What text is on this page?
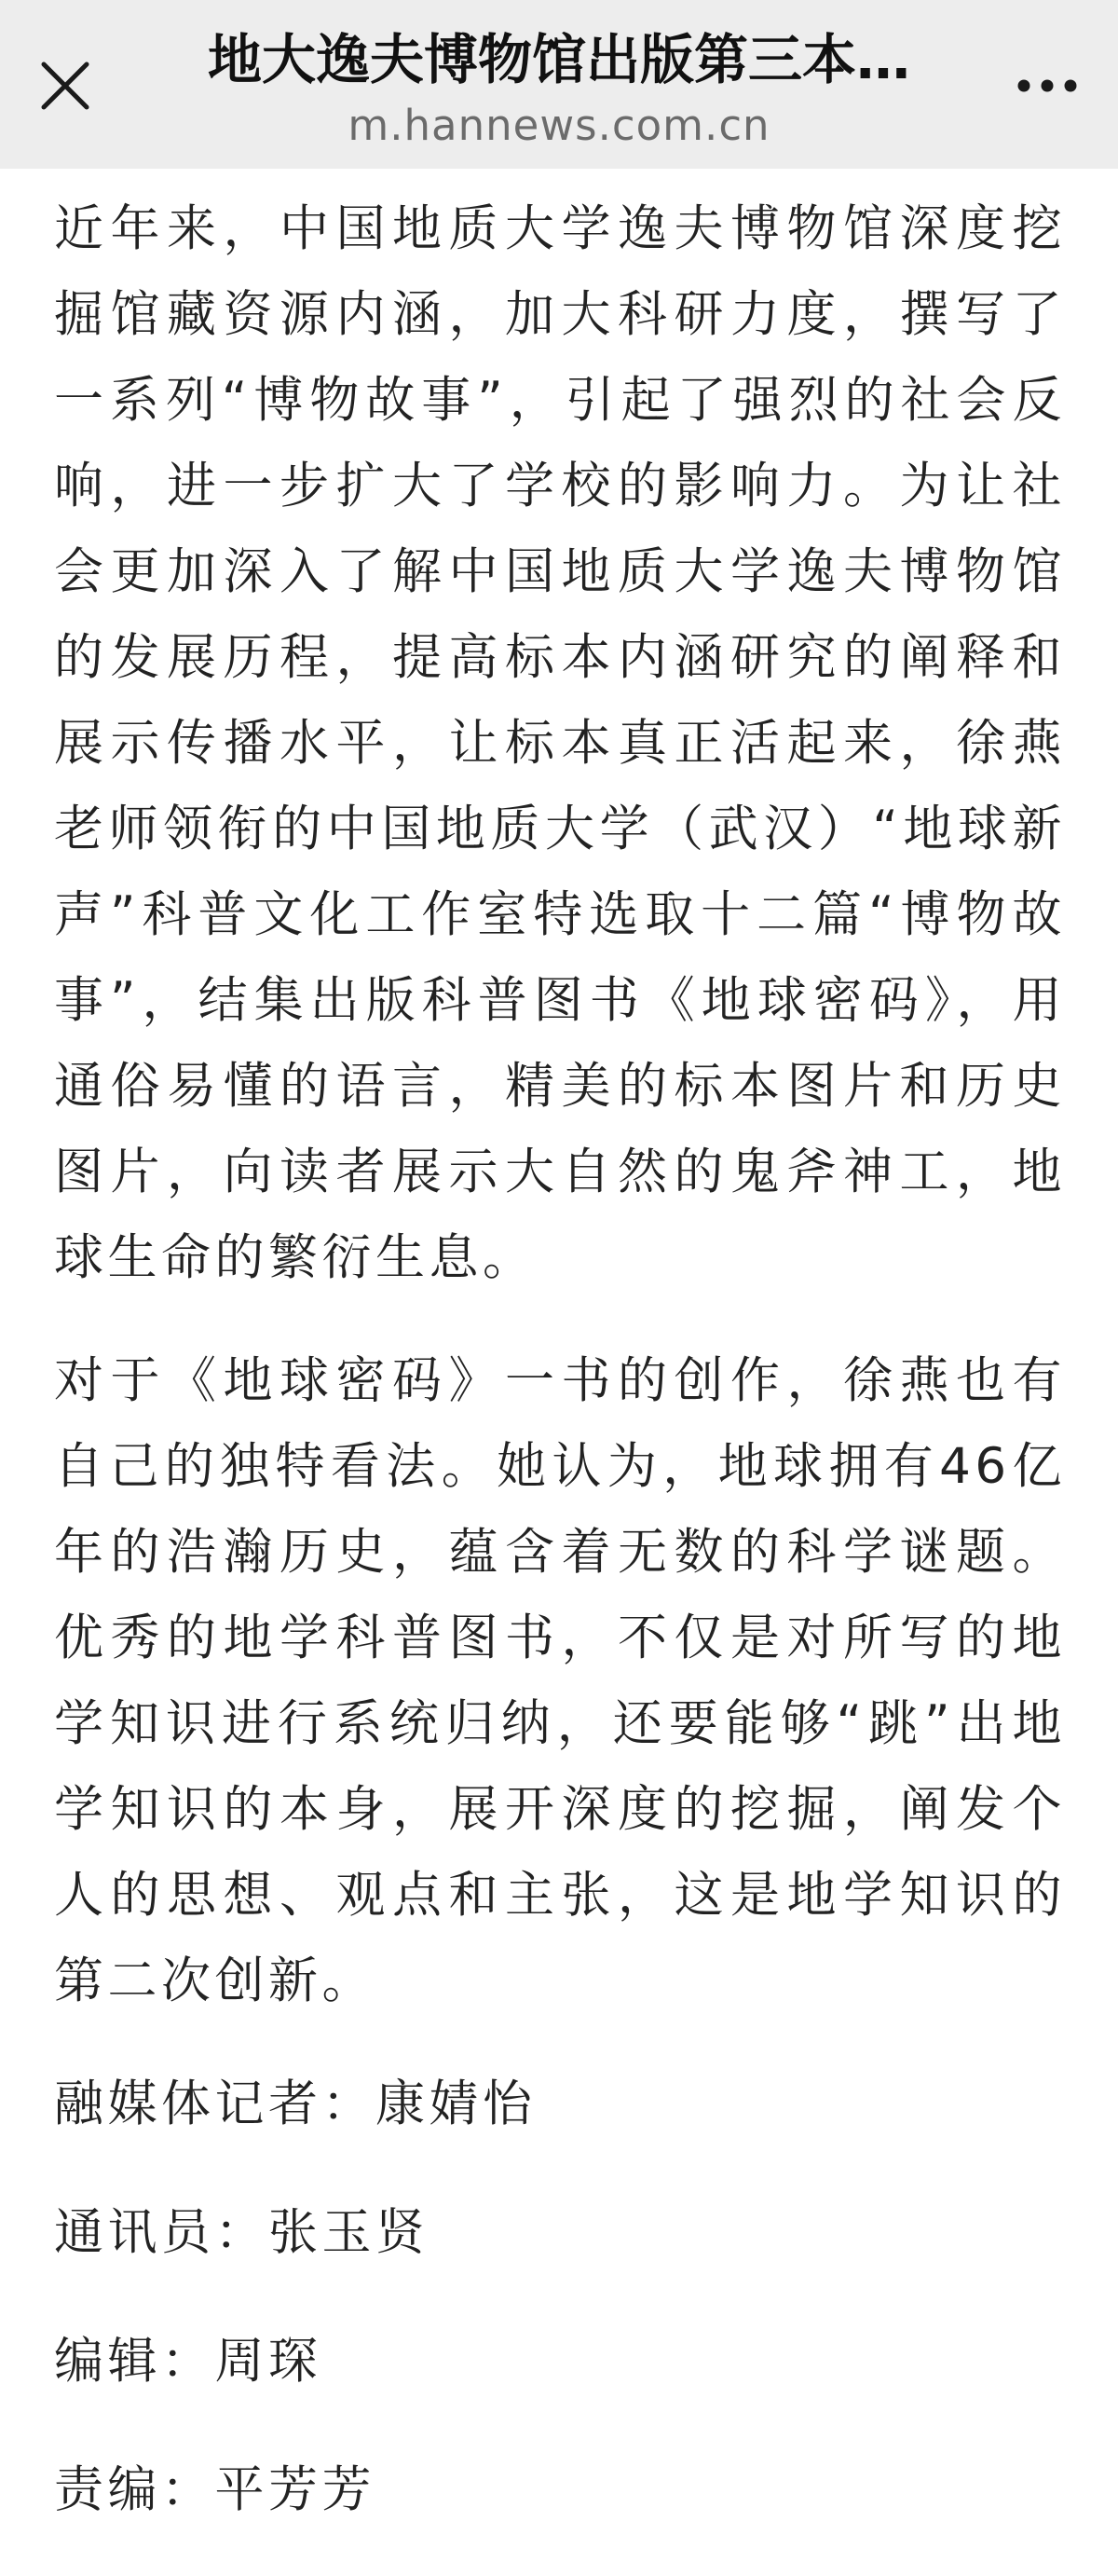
地大逸夫博物馆出版第三本…
m.hannews.com.cn

近年来，中国地质大学逸夫博物馆深度挖掘馆藏资源内涵，加大科研力度，撰写了一系列“博物故事”，引起了强烈的社会反响，进一步扩大了学校的影响力。为让社会更加深入了解中国地质大学逸夫博物馆的发展历程，提高标本内涵研究的阐释和展示传播水平，让标本真正活起来，徐燕老师领衔的中国地质大学（武汉）“地球新声”科普文化工作室特选取十二篇“博物故事”，结集出版科普图书《地球密码》，用通俗易懂的语言，精美的标本图片和历史图片，向读者展示大自然的鬼斧神工，地球生命的繁衍生息。

对于《地球密码》一书的创作，徐燕也有自己的独特看法。她认为，地球拥有46亿年的浩瀚历史，蕴含着无数的科学谜题。优秀的地学科普图书，不仅是对所写的地学知识进行系统归纳，还要能够“跳”出地学知识的本身，展开深度的挖掘，阐发个人的思想、观点和主张，这是地学知识的第二次创新。

融媒体记者：康婧怡

通讯员：张玉贤

编辑：周琛

责编：平芳芳
